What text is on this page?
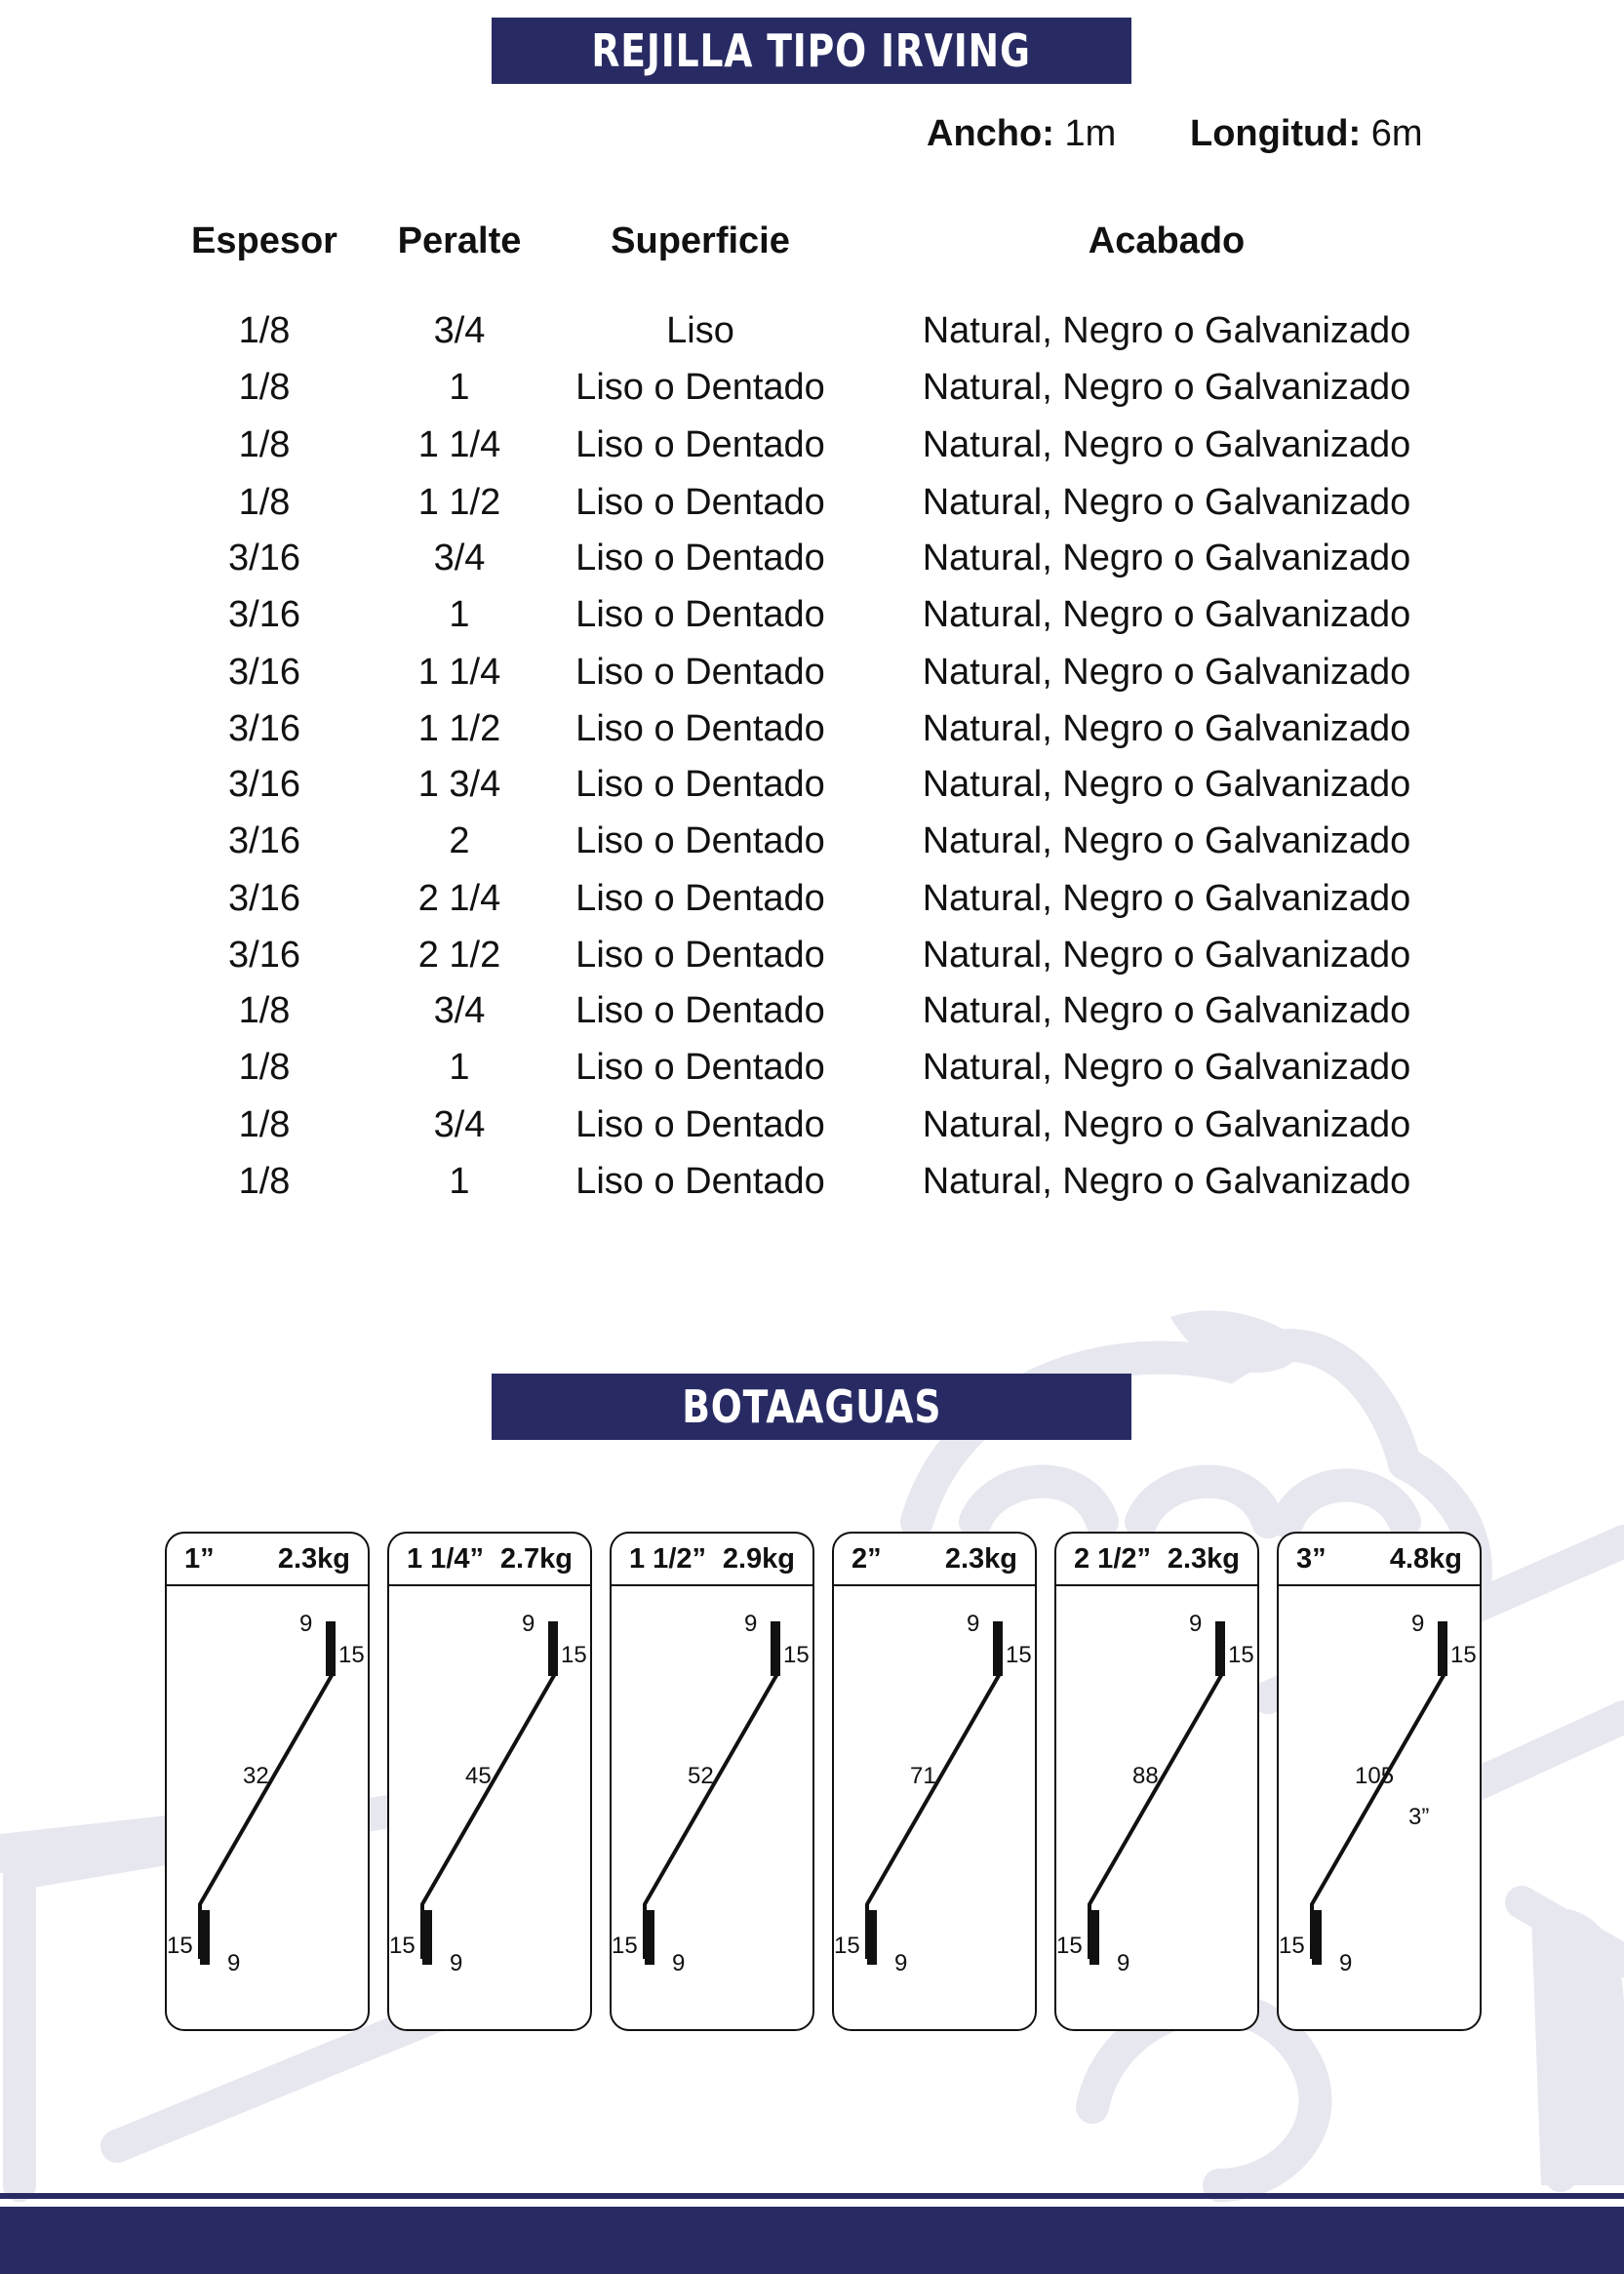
REJILLA TIPO IRVING
Ancho: 1m Longitud: 6m
Espesor Peralte Superficie	Acabado
1/8	3/4	Liso	Natural, Negro o Galvanizado
1/8	1	Liso o Dentado	Natural, Negro o Galvanizado
1/8	1 1/4 Liso o Dentado	Natural, Negro o Galvanizado
1/8	1 1/2 Liso o Dentado	Natural, Negro o Galvanizado
3/16	3/4 Liso o Dentado	Natural, Negro o Galvanizado
3/16	1	Liso o Dentado	Natural, Negro o Galvanizado
3/16	1 1/4 Liso o Dentado	Natural, Negro o Galvanizado
3/16	1 1/2 Liso o Dentado	Natural, Negro o Galvanizado
3/16	1 3/4 Liso o Dentado	Natural, Negro o Galvanizado
3/16	2	Liso o Dentado	Natural, Negro o Galvanizado
3/16	2 1/4 Liso o Dentado	Natural, Negro o Galvanizado
3/16	2 1/2 Liso o Dentado	Natural, Negro o Galvanizado
1/8	3/4 Liso o Dentado	Natural, Negro o Galvanizado
1/8	1	Liso o Dentado	Natural, Negro o Galvanizado
1/8	3/4 Liso o Dentado	Natural, Negro o Galvanizado
1/8	1	Liso o Dentado	Natural, Negro o Galvanizado
BOTAAGUAS
1” 2.3kg
9
15
32
15
9
1 1/4” 2.7kg
9
15
45
15
9
1 1/2” 2.9kg
9
15
52
15
9
2” 2.3kg
9
15
71
15
9
2 1/2” 2.3kg
9
15
88
15
9
3” 4.8kg
9
15
105
15
9
3”
